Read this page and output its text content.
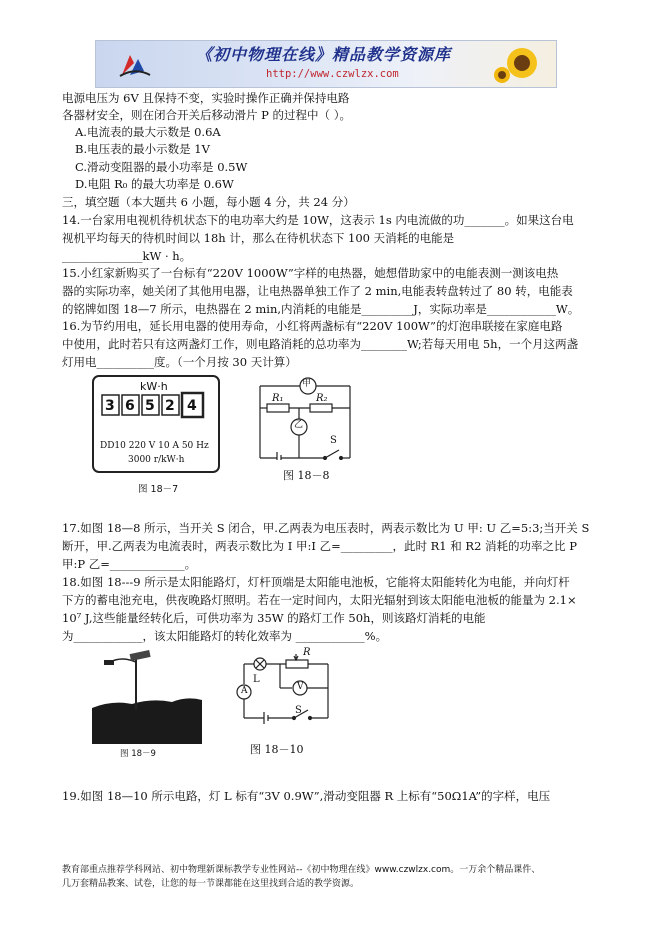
《初中物理在线》精品教学资源库
http://www.czwlzx.com
电源电压为 6V 且保持不变，实验时操作正确并保持电路
各器材安全，则在闭合开关后移动滑片 P 的过程中（ ）。
A.电流表的最大示数是 0.6A
B.电压表的最小示数是 1V
C.滑动变阻器的最小功率是 0.5W
D.电阻 R₀ 的最大功率是 0.6W
三，填空题（本大题共 6 小题，每小题 4 分，共 24 分）
14.一台家用电视机待机状态下的电功率大约是 10W，这表示 1s 内电流做的功_______。如果这台电
视机平均每天的待机时间以 18h 计，那么在待机状态下 100 天消耗的电能是
______________kW · h。
15.小红家新购买了一台标有“220V 1000W”字样的电热器，她想借助家中的电能表测一测该电热
器的实际功率，她关闭了其他用电器，让电热器单独工作了 2 min,电能表转盘转过了 80 转，电能表
的铭牌如图 18—7 所示，电热器在 2 min,内消耗的电能是_________J，实际功率是____________W。
16.为节约用电，延长用电器的使用寿命，小红将两盏标有“220V 100W”的灯泡串联接在家庭电路
中使用，此时若只有这两盏灯工作，则电路消耗的总功率为________W;若每天用电 5h，一个月这两盏
灯用电__________度。（一个月按 30 天计算）
kW·h
3 6 5 2 4
DD10 220 V 10 A 50 Hz
3000 r/kW·h
图 18－7
甲
乙
R₁	R₂
S
图 18－8
17.如图 18—8 所示，当开关 S 闭合，甲.乙两表为电压表时，两表示数比为 U 甲: U 乙=5:3;当开关 S
断开，甲.乙两表为电流表时，两表示数比为 I 甲:I 乙=_________，此时 R1 和 R2 消耗的功率之比 P
甲:P 乙=_____________。
18.如图 18---9 所示是太阳能路灯，灯杆顶端是太阳能电池板，它能将太阳能转化为电能，并向灯杆
下方的蓄电池充电，供夜晚路灯照明。若在一定时间内，太阳光辐射到该太阳能电池板的能量为 2.1×
10⁷ J,这些能量经转化后，可供功率为 35W 的路灯工作 50h，则该路灯消耗的电能
为____________，该太阳能路灯的转化效率为 ____________%。
图 18－9
L
R
A	V
S
图 18－10
19.如图 18—10 所示电路，灯 L 标有“3V 0.9W”,滑动变阻器 R 上标有“50Ω1A”的字样，电压
教育部重点推荐学科网站、初中物理新课标教学专业性网站--《初中物理在线》www.czwlzx.com。一万余个精品课件、
几万套精品教案、试卷，让您的每一节课都能在这里找到合适的教学资源。
